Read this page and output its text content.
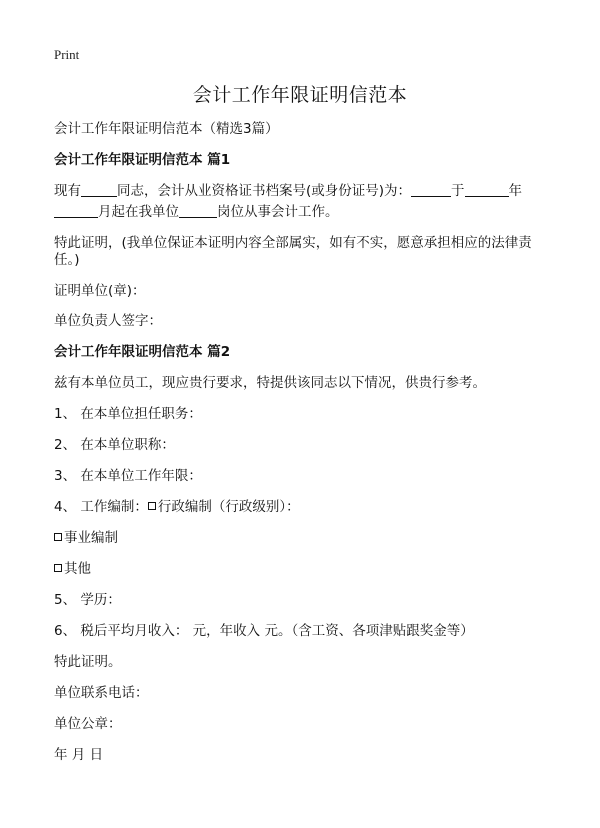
Print
会计工作年限证明信范本
会计工作年限证明信范本（精选3篇）
会计工作年限证明信范本 篇1
现有	同志，会计从业资格证书档案号(或身份证号)为：	于	年
月起在我单位	岗位从事会计工作。
特此证明，(我单位保证本证明内容全部属实，如有不实，愿意承担相应的法律责
任。)
证明单位(章)：
单位负责人签字：
会计工作年限证明信范本 篇2
兹有本单位员工，现应贵行要求，特提供该同志以下情况，供贵行参考。
1、 在本单位担任职务：
2、 在本单位职称：
3、 在本单位工作年限：
4、 工作编制： 行政编制（行政级别）：
事业编制
其他
5、 学历：
6、 税后平均月收入： 元，年收入 元。（含工资、各项津贴跟奖金等）
特此证明。
单位联系电话：
单位公章：
年 月 日
